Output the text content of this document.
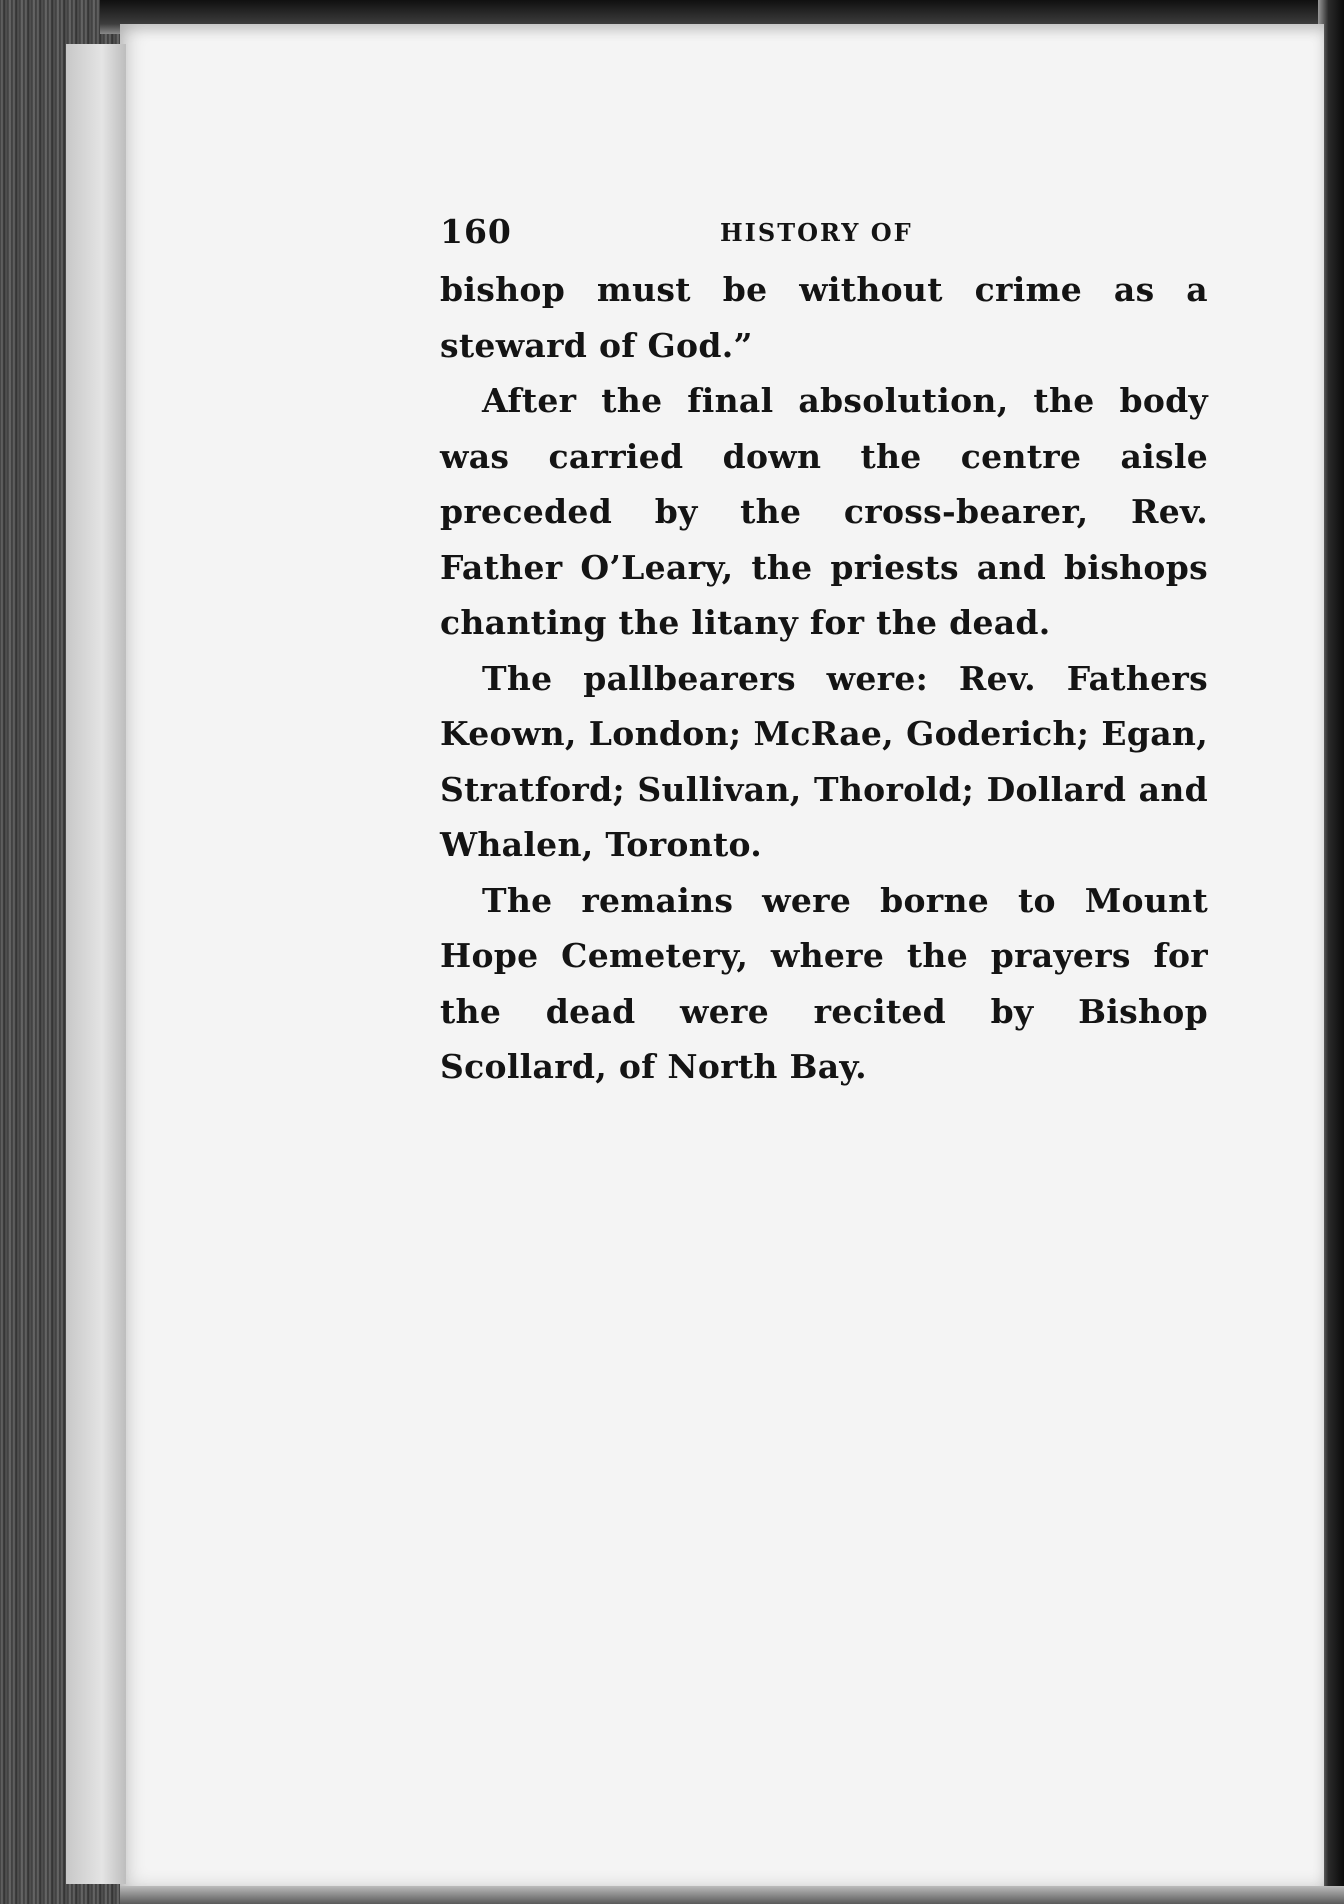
160	HISTORY OF

bishop must be without crime as a steward of God.”

After the final absolution, the body was carried down the centre aisle preceded by the cross-bearer, Rev. Father O’Leary, the priests and bishops chanting the litany for the dead.

The pallbearers were: Rev. Fathers Keown, London; McRae, Goderich; Egan, Stratford; Sullivan, Thorold; Dollard and Whalen, Toronto.

The remains were borne to Mount Hope Cemetery, where the prayers for the dead were recited by Bishop Scollard, of North Bay.
